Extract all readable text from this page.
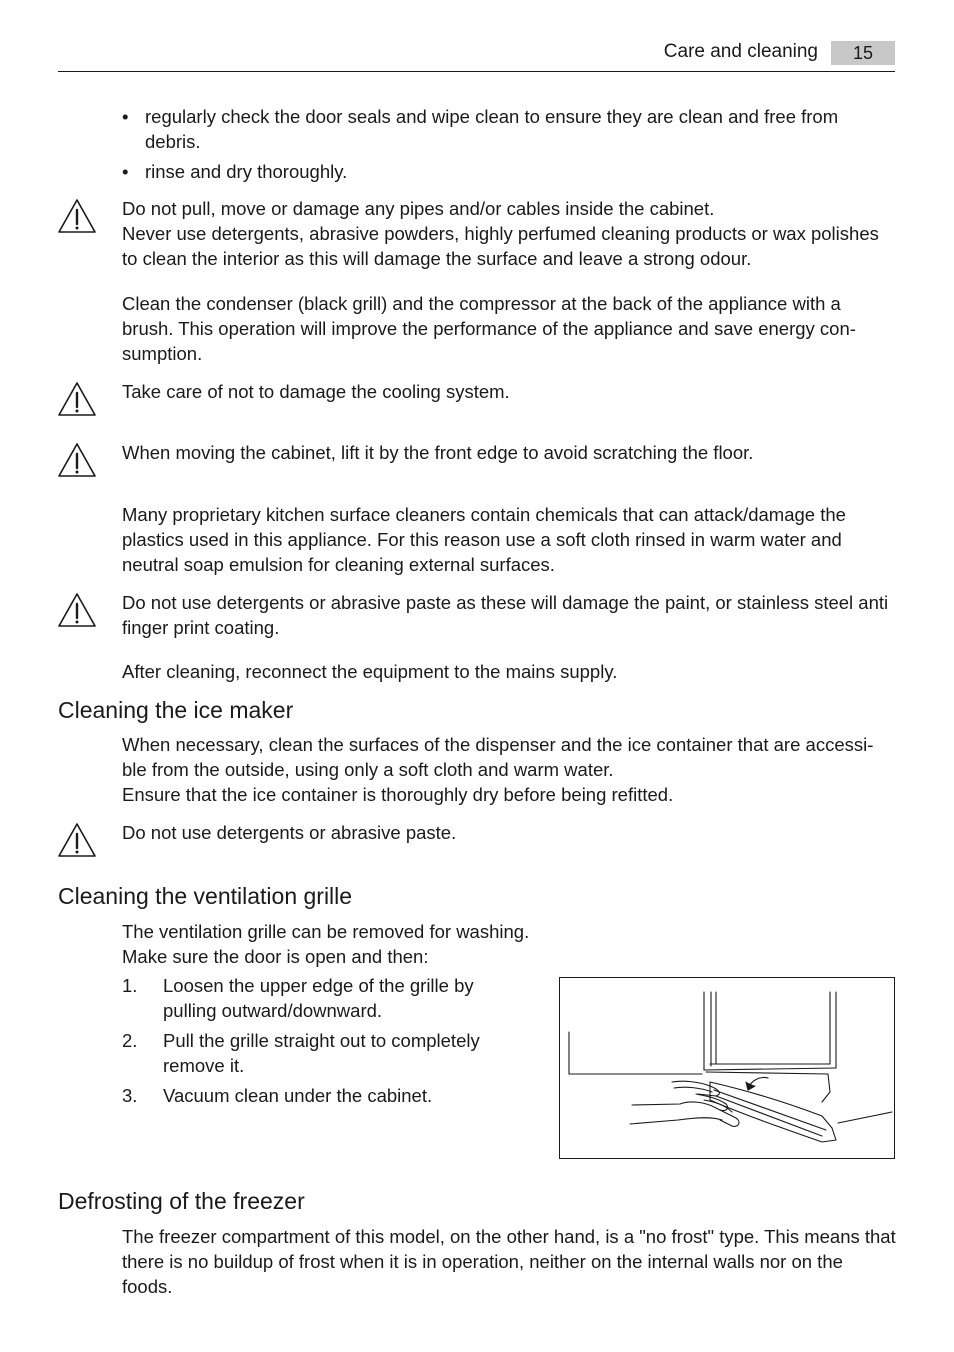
Care and cleaning	15
• regularly check the door seals and wipe clean to ensure they are clean and free from debris.
• rinse and dry thoroughly.
Do not pull, move or damage any pipes and/or cables inside the cabinet.
Never use detergents, abrasive powders, highly perfumed cleaning products or wax polishes to clean the interior as this will damage the surface and leave a strong odour.
Clean the condenser (black grill) and the compressor at the back of the appliance with a brush. This operation will improve the performance of the appliance and save energy con-sumption.
Take care of not to damage the cooling system.
When moving the cabinet, lift it by the front edge to avoid scratching the floor.
Many proprietary kitchen surface cleaners contain chemicals that can attack/damage the plastics used in this appliance. For this reason use a soft cloth rinsed in warm water and neutral soap emulsion for cleaning external surfaces.
Do not use detergents or abrasive paste as these will damage the paint, or stainless steel anti finger print coating.
After cleaning, reconnect the equipment to the mains supply.
Cleaning the ice maker
When necessary, clean the surfaces of the dispenser and the ice container that are accessi-ble from the outside, using only a soft cloth and warm water.
Ensure that the ice container is thoroughly dry before being refitted.
Do not use detergents or abrasive paste.
Cleaning the ventilation grille
The ventilation grille can be removed for washing.
Make sure the door is open and then:
1. Loosen the upper edge of the grille by pulling outward/downward.
2. Pull the grille straight out to completely remove it.
3. Vacuum clean under the cabinet.
Defrosting of the freezer
The freezer compartment of this model, on the other hand, is a "no frost" type. This means that there is no buildup of frost when it is in operation, neither on the internal walls nor on the foods.
